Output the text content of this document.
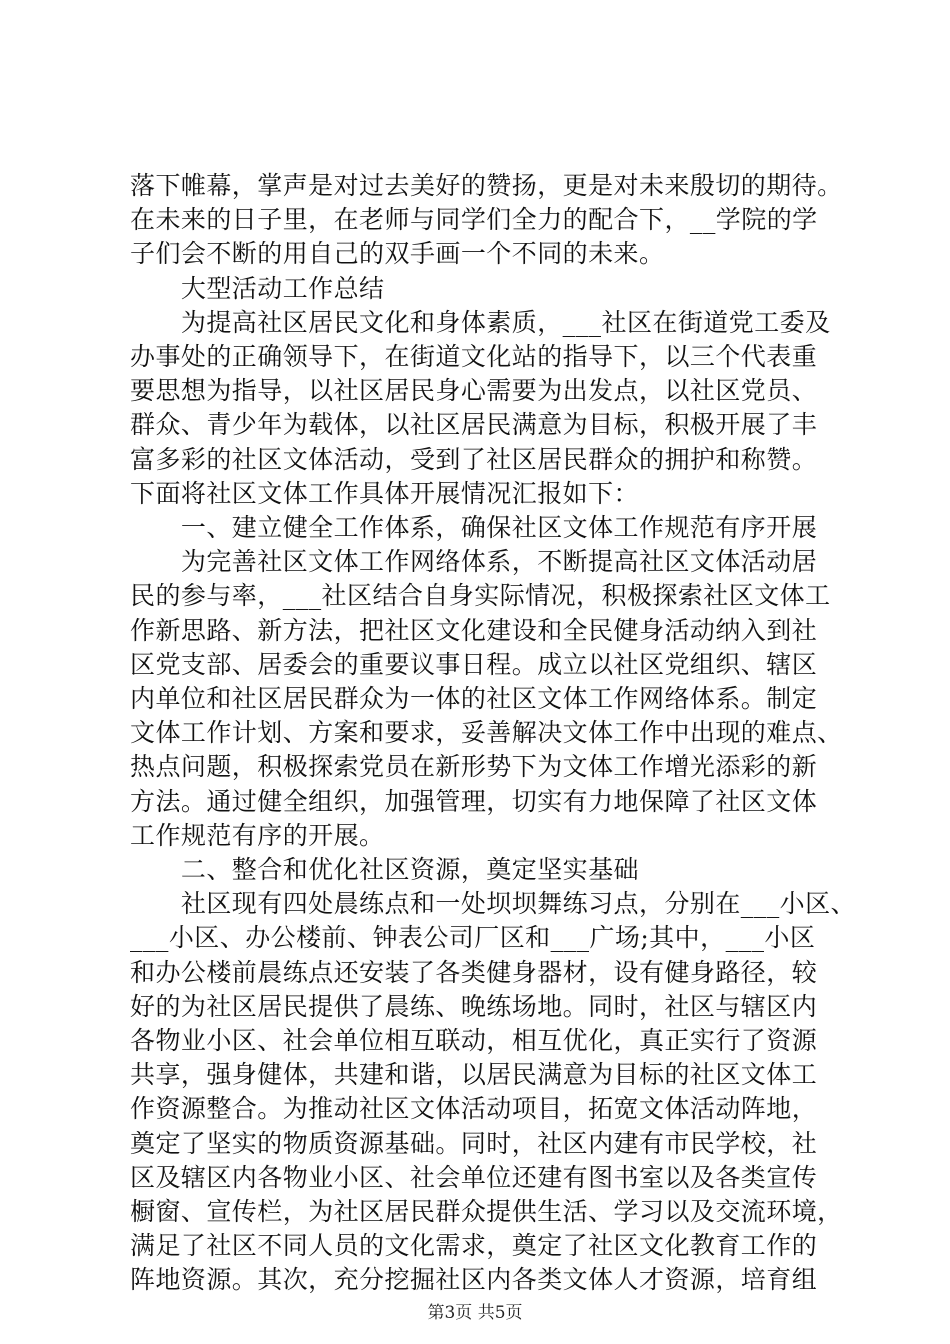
落下帷幕，掌声是对过去美好的赞扬，更是对未来殷切的期待。
在未来的日子里，在老师与同学们全力的配合下，__学院的学
子们会不断的用自己的双手画一个不同的未来。
　　大型活动工作总结
　　为提高社区居民文化和身体素质，___社区在街道党工委及
办事处的正确领导下，在街道文化站的指导下，以三个代表重
要思想为指导，以社区居民身心需要为出发点，以社区党员、
群众、青少年为载体，以社区居民满意为目标，积极开展了丰
富多彩的社区文体活动，受到了社区居民群众的拥护和称赞。
下面将社区文体工作具体开展情况汇报如下：
　　一、建立健全工作体系，确保社区文体工作规范有序开展
　　为完善社区文体工作网络体系，不断提高社区文体活动居
民的参与率，___社区结合自身实际情况，积极探索社区文体工
作新思路、新方法，把社区文化建设和全民健身活动纳入到社
区党支部、居委会的重要议事日程。成立以社区党组织、辖区
内单位和社区居民群众为一体的社区文体工作网络体系。制定
文体工作计划、方案和要求，妥善解决文体工作中出现的难点、
热点问题，积极探索党员在新形势下为文体工作增光添彩的新
方法。通过健全组织，加强管理，切实有力地保障了社区文体
工作规范有序的开展。
　　二、整合和优化社区资源，奠定坚实基础
　　社区现有四处晨练点和一处坝坝舞练习点，分别在___小区、
___小区、办公楼前、钟表公司厂区和___广场;其中，___小区
和办公楼前晨练点还安装了各类健身器材，设有健身路径，较
好的为社区居民提供了晨练、晚练场地。同时，社区与辖区内
各物业小区、社会单位相互联动，相互优化，真正实行了资源
共享，强身健体，共建和谐，以居民满意为目标的社区文体工
作资源整合。为推动社区文体活动项目，拓宽文体活动阵地，
奠定了坚实的物质资源基础。同时，社区内建有市民学校，社
区及辖区内各物业小区、社会单位还建有图书室以及各类宣传
橱窗、宣传栏，为社区居民群众提供生活、学习以及交流环境，
满足了社区不同人员的文化需求，奠定了社区文化教育工作的
阵地资源。其次，充分挖掘社区内各类文体人才资源，培育组
第3页 共5页
